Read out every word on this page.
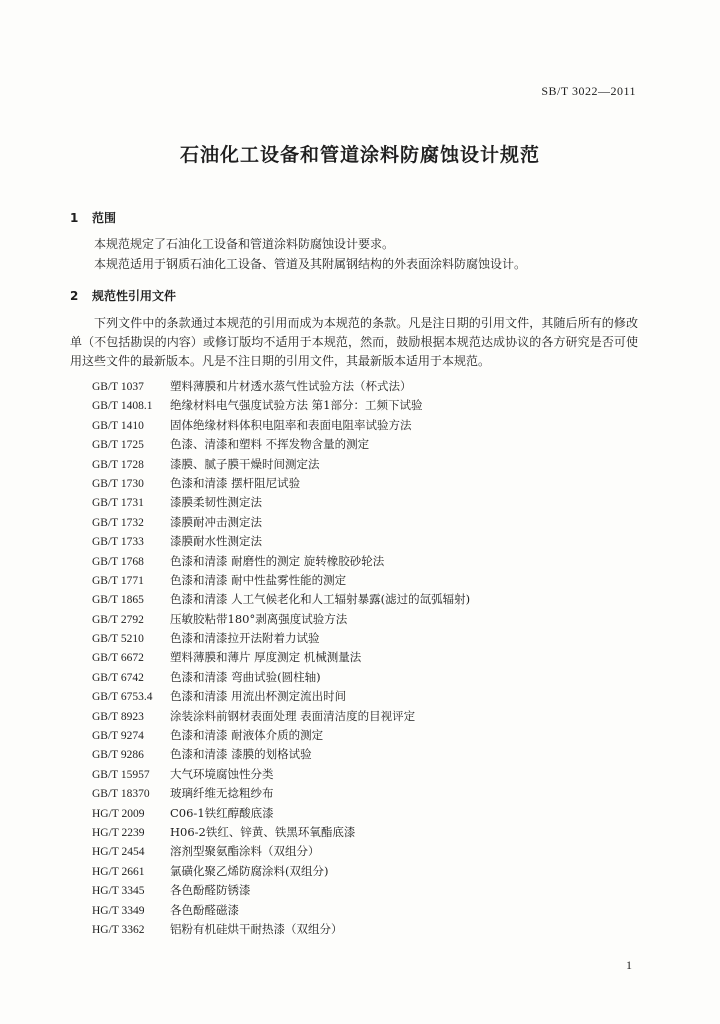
SB/T 3022—2011
石油化工设备和管道涂料防腐蚀设计规范
1 范围
本规范规定了石油化工设备和管道涂料防腐蚀设计要求。
本规范适用于钢质石油化工设备、管道及其附属钢结构的外表面涂料防腐蚀设计。
2 规范性引用文件
下列文件中的条款通过本规范的引用而成为本规范的条款。凡是注日期的引用文件，其随后所有的修改单（不包括勘误的内容）或修订版均不适用于本规范，然而，鼓励根据本规范达成协议的各方研究是否可使用这些文件的最新版本。凡是不注日期的引用文件，其最新版本适用于本规范。
GB/T 1037 塑料薄膜和片材透水蒸气性试验方法（杯式法）
GB/T 1408.1 绝缘材料电气强度试验方法 第1部分：工频下试验
GB/T 1410 固体绝缘材料体积电阻率和表面电阻率试验方法
GB/T 1725 色漆、清漆和塑料 不挥发物含量的测定
GB/T 1728 漆膜、腻子膜干燥时间测定法
GB/T 1730 色漆和清漆 摆杆阻尼试验
GB/T 1731 漆膜柔韧性测定法
GB/T 1732 漆膜耐冲击测定法
GB/T 1733 漆膜耐水性测定法
GB/T 1768 色漆和清漆 耐磨性的测定 旋转橡胶砂轮法
GB/T 1771 色漆和清漆 耐中性盐雾性能的测定
GB/T 1865 色漆和清漆 人工气候老化和人工辐射暴露(滤过的氙弧辐射)
GB/T 2792 压敏胶粘带180°剥离强度试验方法
GB/T 5210 色漆和清漆拉开法附着力试验
GB/T 6672 塑料薄膜和薄片 厚度测定 机械测量法
GB/T 6742 色漆和清漆 弯曲试验(圆柱轴)
GB/T 6753.4 色漆和清漆 用流出杯测定流出时间
GB/T 8923 涂装涂料前钢材表面处理 表面清洁度的目视评定
GB/T 9274 色漆和清漆 耐液体介质的测定
GB/T 9286 色漆和清漆 漆膜的划格试验
GB/T 15957 大气环境腐蚀性分类
GB/T 18370 玻璃纤维无捻粗纱布
HG/T 2009 C06-1铁红醇酸底漆
HG/T 2239 H06-2铁红、锌黄、铁黑环氧酯底漆
HG/T 2454 溶剂型聚氨酯涂料（双组分）
HG/T 2661 氯磺化聚乙烯防腐涂料(双组分)
HG/T 3345 各色酚醛防锈漆
HG/T 3349 各色酚醛磁漆
HG/T 3362 铝粉有机硅烘干耐热漆（双组分）
1
